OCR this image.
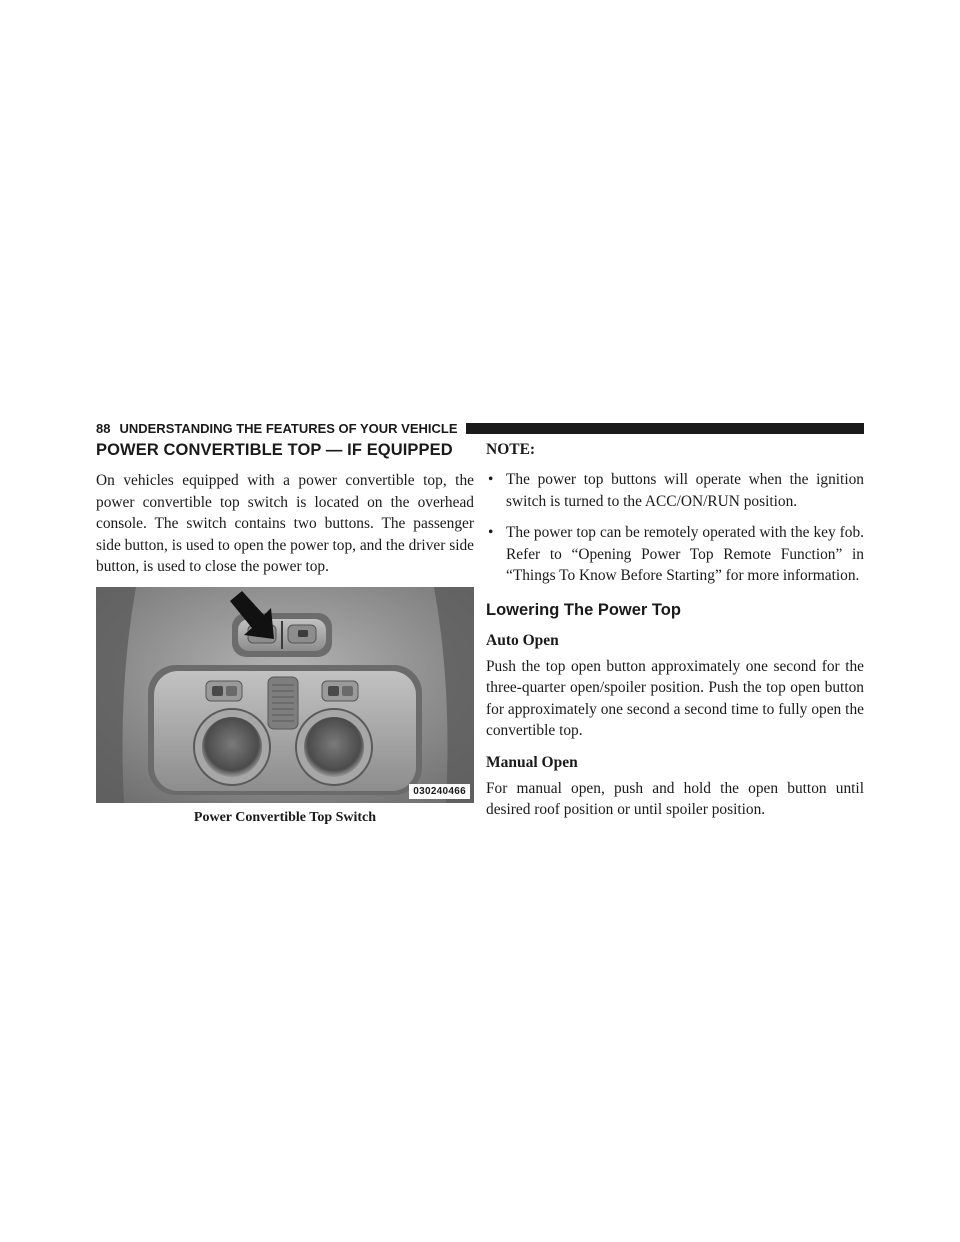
88 UNDERSTANDING THE FEATURES OF YOUR VEHICLE
POWER CONVERTIBLE TOP — IF EQUIPPED

On vehicles equipped with a power convertible top, the power convertible top switch is located on the overhead console. The switch contains two buttons. The passenger side button, is used to open the power top, and the driver side button, is used to close the power top.

030240466
Power Convertible Top Switch
NOTE:
• The power top buttons will operate when the ignition switch is turned to the ACC/ON/RUN position.
• The power top can be remotely operated with the key fob. Refer to “Opening Power Top Remote Function” in “Things To Know Before Starting” for more information.
Lowering The Power Top
Auto Open

Push the top open button approximately one second for the three-quarter open/spoiler position. Push the top open button for approximately one second a second time to fully open the convertible top.

Manual Open

For manual open, push and hold the open button until desired roof position or until spoiler position.
